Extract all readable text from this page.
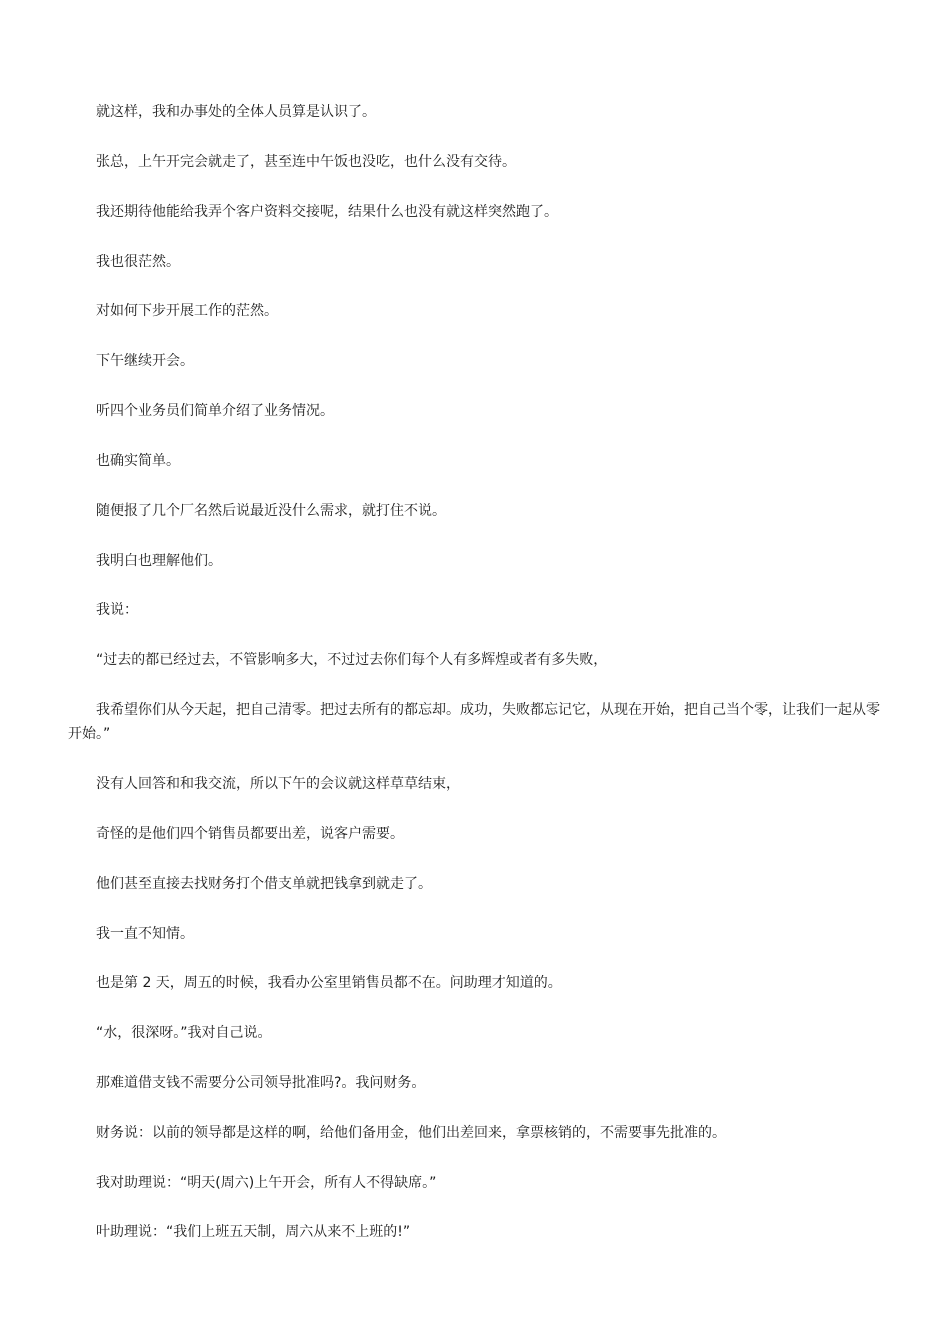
就这样，我和办事处的全体人员算是认识了。

张总，上午开完会就走了，甚至连中午饭也没吃，也什么没有交待。

我还期待他能给我弄个客户资料交接呢，结果什么也没有就这样突然跑了。

我也很茫然。

对如何下步开展工作的茫然。

下午继续开会。

听四个业务员们简单介绍了业务情况。

也确实简单。

随便报了几个厂名然后说最近没什么需求，就打住不说。

我明白也理解他们。

我说：

“过去的都已经过去，不管影响多大，不过过去你们每个人有多辉煌或者有多失败，

我希望你们从今天起，把自己清零。把过去所有的都忘却。成功，失败都忘记它，从现在开始，把自己当个零，让我们一起从零开始。”

没有人回答和和我交流，所以下午的会议就这样草草结束，

奇怪的是他们四个销售员都要出差，说客户需要。

他们甚至直接去找财务打个借支单就把钱拿到就走了。

我一直不知情。

也是第 2 天，周五的时候，我看办公室里销售员都不在。问助理才知道的。

“水，很深呀。”我对自己说。

那难道借支钱不需要分公司领导批准吗?。我问财务。

财务说：以前的领导都是这样的啊，给他们备用金，他们出差回来，拿票核销的，不需要事先批准的。

我对助理说：“明天(周六)上午开会，所有人不得缺席。”

叶助理说：“我们上班五天制，周六从来不上班的!”
